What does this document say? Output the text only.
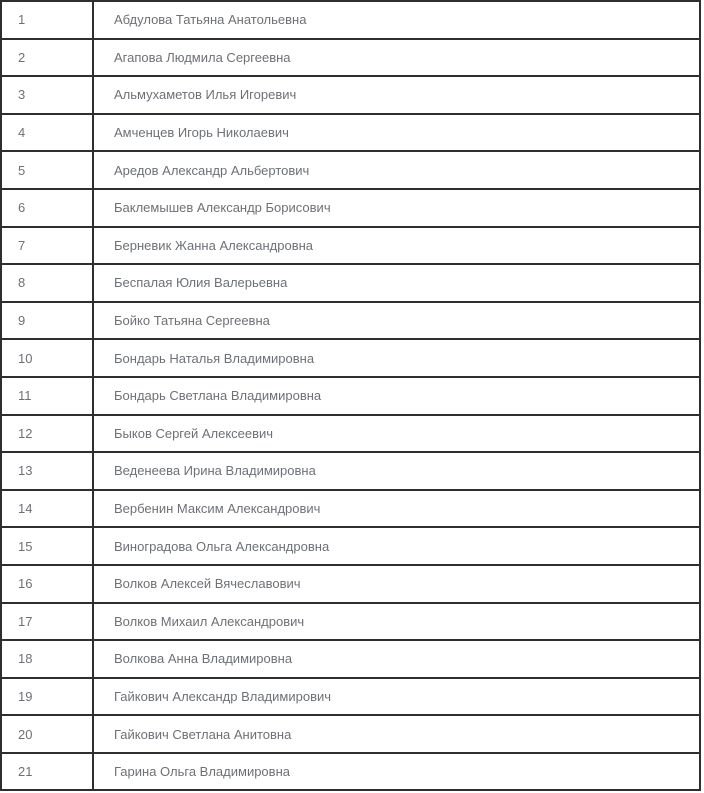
1	Абдулова Татьяна Анатольевна
2	Агапова Людмила Сергеевна
3	Альмухаметов Илья Игоревич
4	Амченцев Игорь Николаевич
5	Аредов Александр Альбертович
6	Баклемышев Александр Борисович
7	Берневик Жанна Александровна
8	Беспалая Юлия Валерьевна
9	Бойко Татьяна Сергеевна
10	Бондарь Наталья Владимировна
11	Бондарь Светлана Владимировна
12	Быков Сергей Алексеевич
13	Веденеева Ирина Владимировна
14	Вербенин Максим Александрович
15	Виноградова Ольга Александровна
16	Волков Алексей Вячеславович
17	Волков Михаил Александрович
18	Волкова Анна Владимировна
19	Гайкович Александр Владимирович
20	Гайкович Светлана Анитовна
21	Гарина Ольга Владимировна
